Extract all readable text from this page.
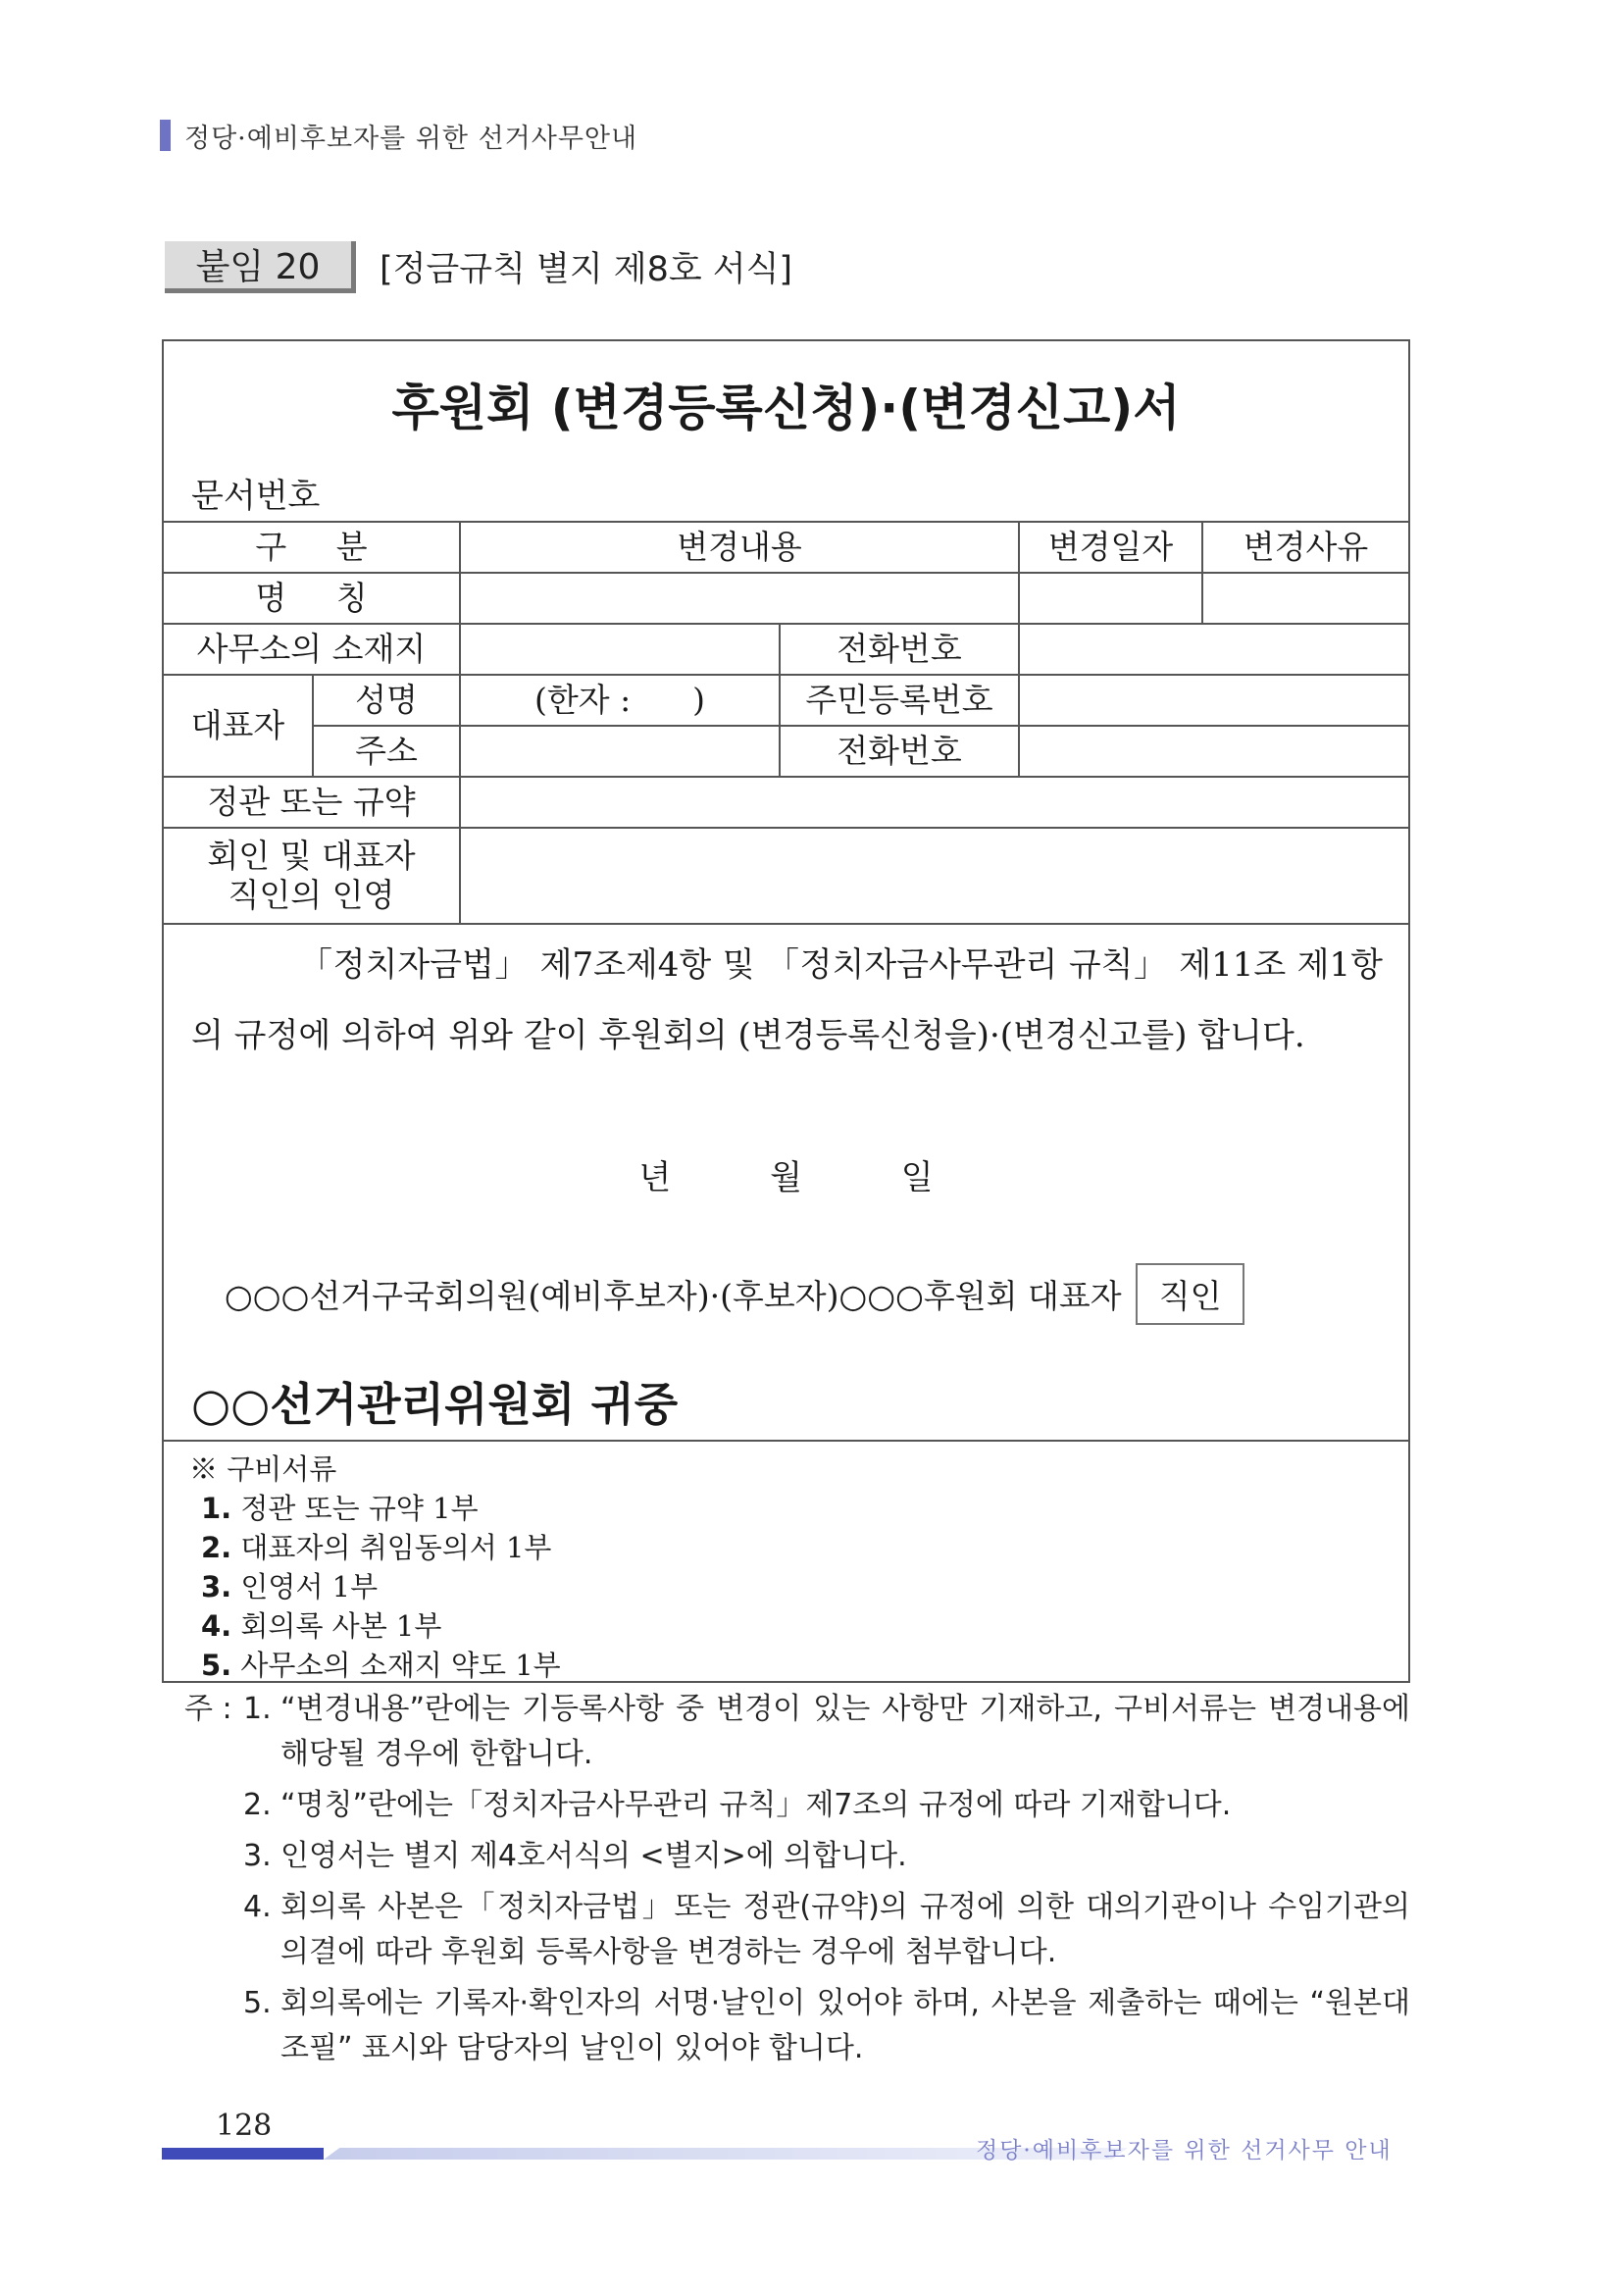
정당·예비후보자를 위한 선거사무안내
붙임 20	[정금규칙 별지 제8호 서식]
후원회 (변경등록신청)·(변경신고)서
문서번호
구 분		변경내용		변경일자	변경사유
명 칭					
사무소의 소재지			전화번호		
대표자	성명	(한자 :      )	주민등록번호		
	주소		전화번호		
정관 또는 규약					

회인 및 대표자
직인의 인영					

「정치자금법」 제7조제4항 및 「정치자금사무관리 규칙」 제11조 제1항의 규정에 의하여 위와 같이 후원회의 (변경등록신청을)·(변경신고를) 합니다.

년 월 일
○○○선거구국회의원(예비후보자)·(후보자)○○○후원회 대표자	직인
○○선거관리위원회 귀중
※ 구비서류
1. 정관 또는 규약 1부
2. 대표자의 취임동의서 1부
3. 인영서 1부
4. 회의록 사본 1부
5. 사무소의 소재지 약도 1부
주 : 1. “변경내용”란에는 기등록사항 중 변경이 있는 사항만 기재하고, 구비서류는 변경내용에 해당될 경우에 한합니다.
2. “명칭”란에는「정치자금사무관리 규칙」제7조의 규정에 따라 기재합니다.
3. 인영서는 별지 제4호서식의 <별지>에 의합니다.
4. 회의록 사본은「정치자금법」또는 정관(규약)의 규정에 의한 대의기관이나 수임기관의 의결에 따라 후원회 등록사항을 변경하는 경우에 첨부합니다.
5. 회의록에는 기록자·확인자의 서명·날인이 있어야 하며, 사본을 제출하는 때에는 “원본대조필” 표시와 담당자의 날인이 있어야 합니다.
128
정당·예비후보자를 위한 선거사무 안내
